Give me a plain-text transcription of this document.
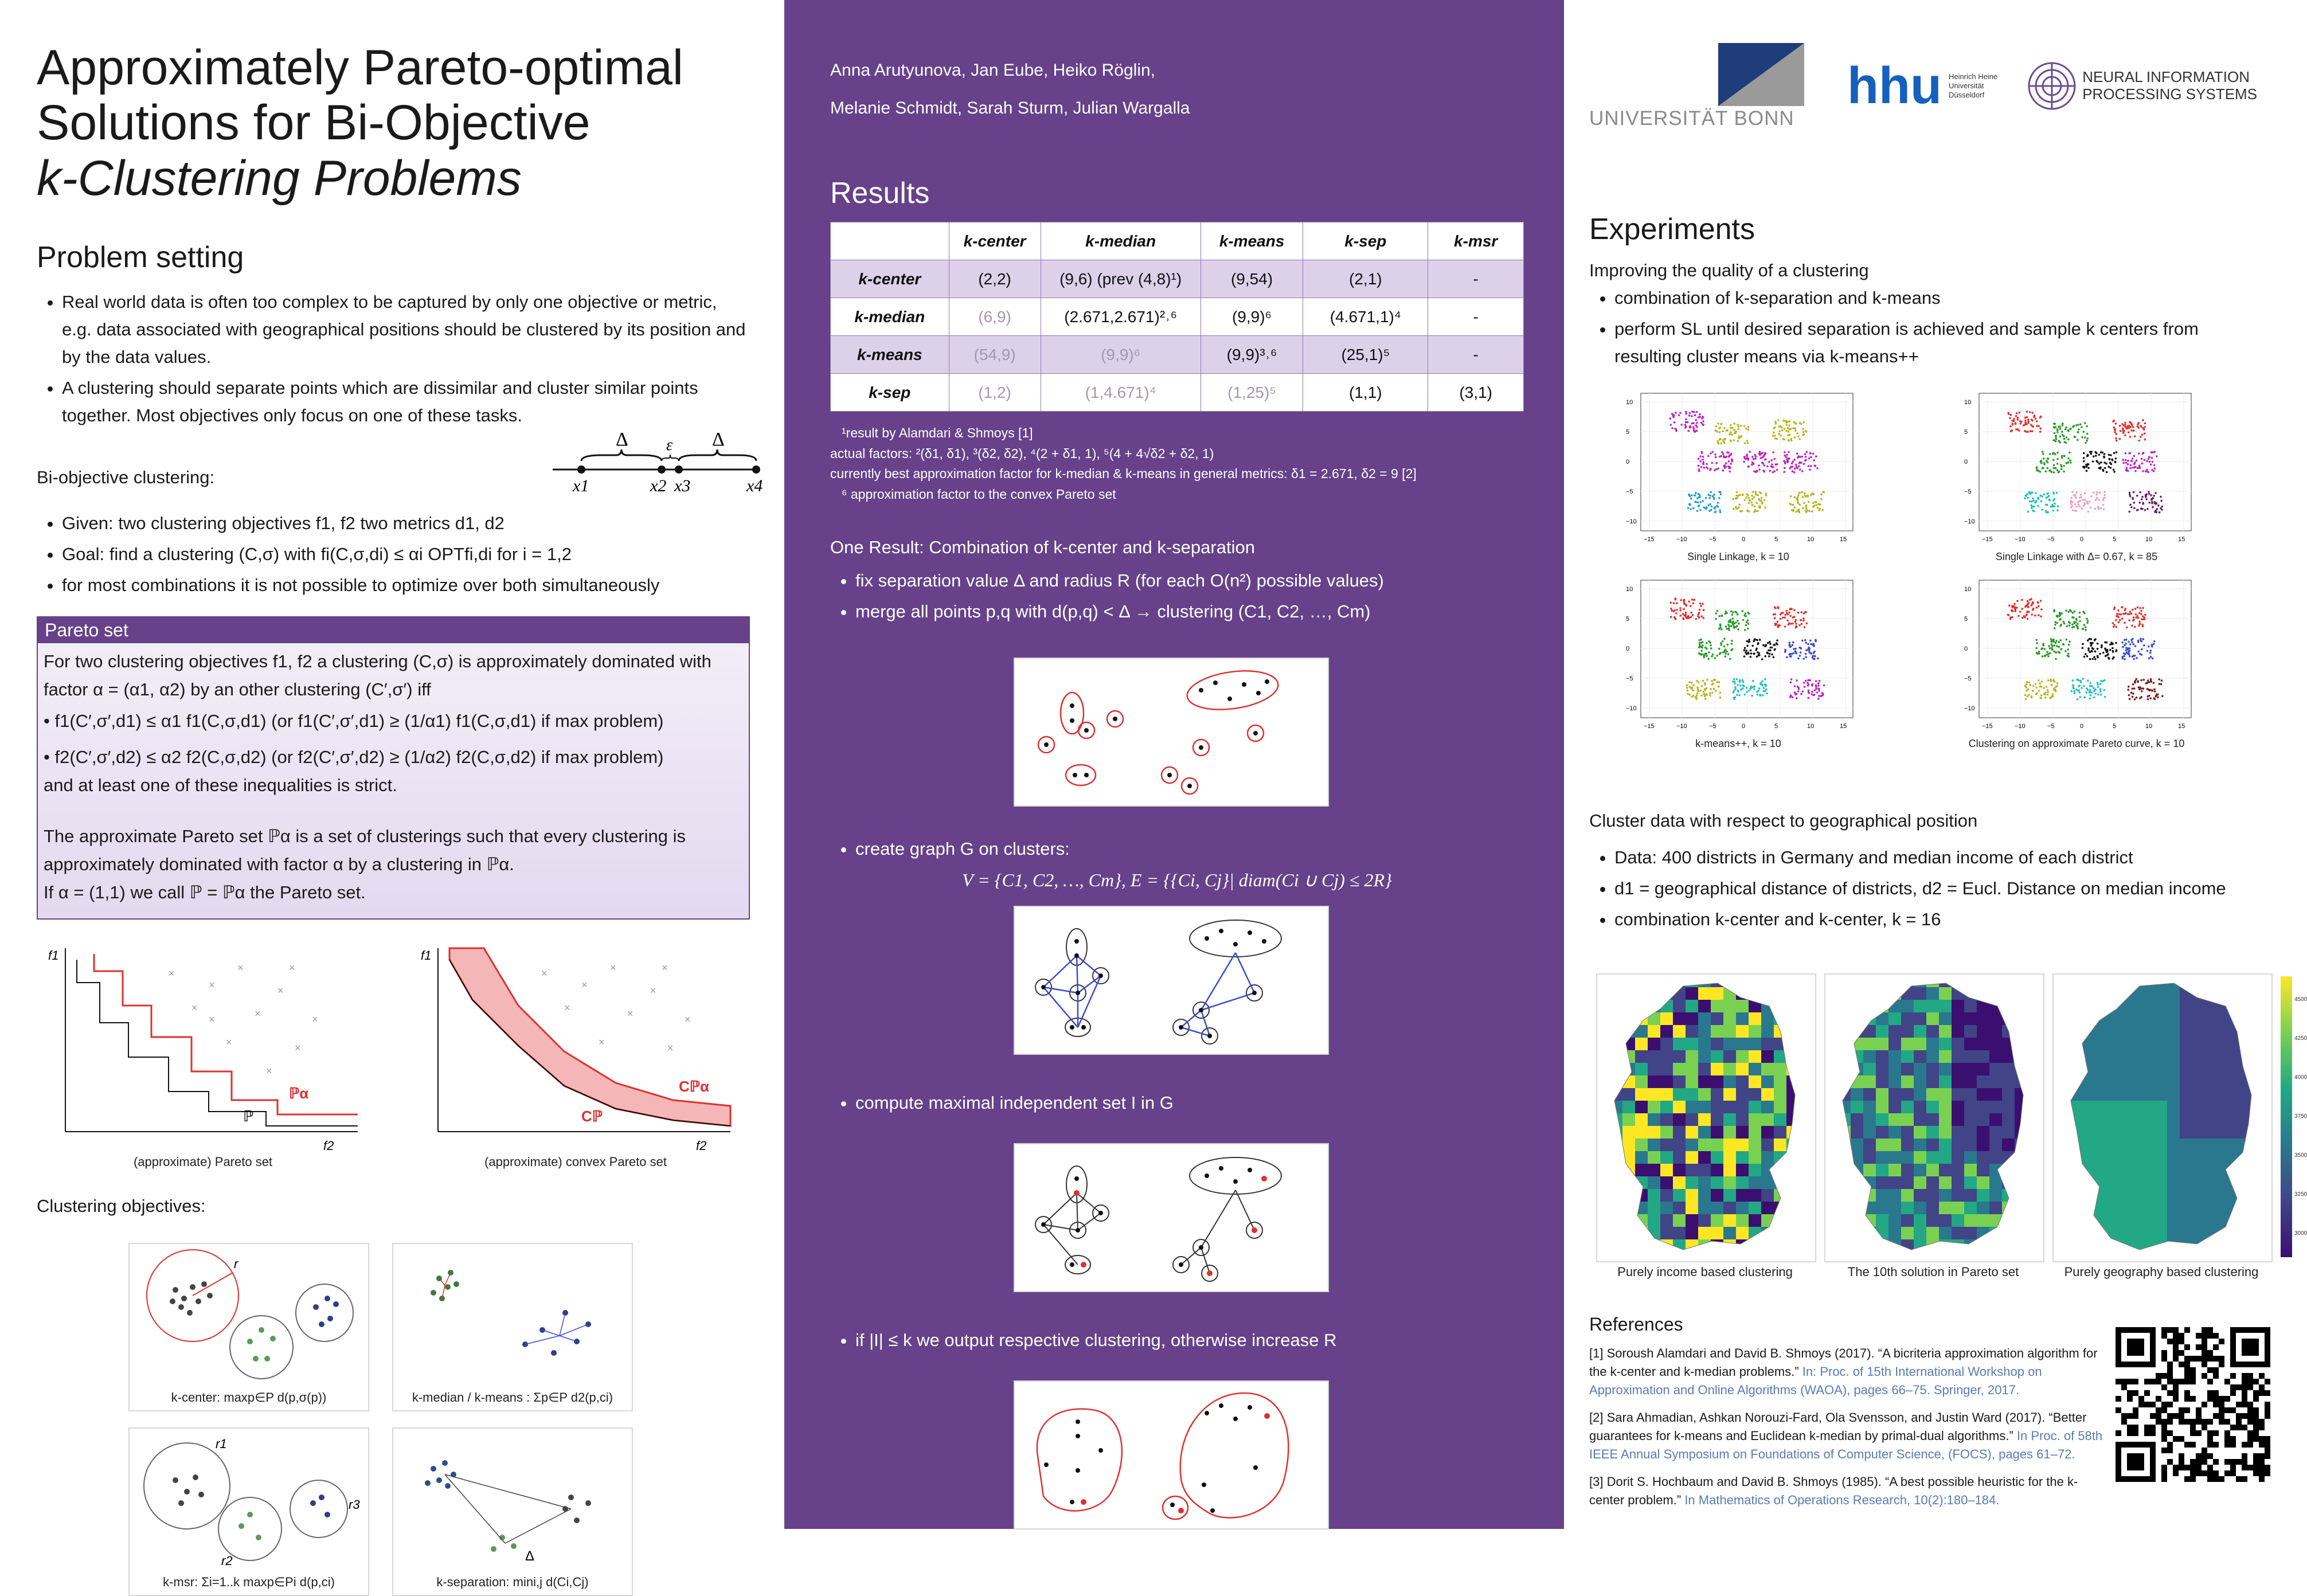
Approximately Pareto-optimal
Solutions for Bi-Objective
k-Clustering Problems
Problem setting
• Real world data is often too complex to be captured by only one objective or metric, e.g. data associated with geographical positions should be clustered by its position and by the data values.
• A clustering should separate points which are dissimilar and cluster similar points together. Most objectives only focus on one of these tasks.

Bi-objective clustering:

Δ	Δ
ε
x1	x2 x3	x4
• Given: two clustering objectives f1, f2 two metrics d1, d2
• Goal: find a clustering (C,σ) with fi(C,σ,di) ≤ αi OPTfi,di for i = 1,2
• for most combinations it is not possible to optimize over both simultaneously
Pareto set
For two clustering objectives f1, f2 a clustering (C,σ) is approximately dominated with factor α = (α1, α2) by an other clustering (C′,σ′) iff
• f1(C′,σ′,d1) ≤ α1 f1(C,σ,d1) (or f1(C′,σ′,d1) ≥ (1/α1) f1(C,σ,d1) if max problem)
• f2(C′,σ′,d2) ≤ α2 f2(C,σ,d2) (or f2(C′,σ′,d2) ≥ (1/α2) f2(C,σ,d2) if max problem)
and at least one of these inequalities is strict.
The approximate Pareto set ℙα is a set of clusterings such that every clustering is approximately dominated with factor α by a clustering in ℙα.
If α = (1,1) we call ℙ = ℙα the Pareto set.
f1
f2
×
×
×
×	×
×
×	×
×
×
×
×
ℙα
ℙ
f1
f2
×
×
×
×	×
×
×	×
×
×
Cℙα
Cℙ
(approximate) Pareto set	(approximate) convex Pareto set

Clustering objectives:

r
k-center: maxp∈P d(p,σ(p))	k-median / k-means : Σp∈P d2(p,ci)
r1
r2
r3
k-msr: Σi=1..k maxp∈Pi d(p,ci)
Δ
k-separation: mini,j d(Ci,Cj)
Anna Arutyunova, Jan Eube, Heiko Röglin,
Melanie Schmidt, Sarah Sturm, Julian Wargalla
Results
	k-center	k-median	k-means	k-sep	k-msr
k-center	(2,2)	(9,6) (prev (4,8)¹)	(9,54)	(2,1)	-
k-median	(6,9)	(2.671,2.671)²˒⁶	(9,9)⁶	(4.671,1)⁴	-
k-means	(54,9)	(9,9)⁶	(9,9)³˒⁶	(25,1)⁵	-
k-sep	(1,2)	(1,4.671)⁴	(1,25)⁵	(1,1)	(3,1)

¹result by Alamdari & Shmoys [1]

actual factors: ²(δ1, δ1), ³(δ2, δ2), ⁴(2 + δ1, 1), ⁵(4 + 4√δ2 + δ2, 1)

currently best approximation factor for k-median & k-means in general metrics: δ1 = 2.671, δ2 = 9 [2]

⁶ approximation factor to the convex Pareto set

One Result: Combination of k-center and k-separation

• fix separation value Δ and radius R (for each O(n²) possible values)
• merge all points p,q with d(p,q) < Δ → clustering (C1, C2, …, Cm)
• create graph G on clusters:

V = {C1, C2, …, Cm}, E = {{Ci, Cj}| diam(Ci ∪ Cj) ≤ 2R}

• compute maximal independent set I in G
• if |I| ≤ k we output respective clustering, otherwise increase R
• Similar to 2-approximation for k-center by Hochbaum&Shmoys [3]
UNIVERSITÄT BONN
hhu Heinrich Heine
Universität
Düsseldorf
NEURAL INFORMATION
PROCESSING SYSTEMS
Experiments

Improving the quality of a clustering

• combination of k-separation and k-means
• perform SL until desired separation is achieved and sample k centers from resulting cluster means via k-means++
−15	−10	−5	0	5	10	15
10
5
0
−5
−10
Single Linkage, k = 10
−15	−10	−5	0	5	10	15
10
5
0
−5
−10
Single Linkage with Δ= 0.67, k = 85
−15	−10	−5	0	5	10	15
10
5
0
−5
−10
k-means++, k = 10
−15	−10	−5	0	5	10	15
10
5
0
−5
−10
Clustering on approximate Pareto curve, k = 10

Cluster data with respect to geographical position

• Data: 400 districts in Germany and median income of each district
• d1 = geographical distance of districts, d2 = Eucl. Distance on median income
• combination k-center and k-center, k = 16
Purely income based clustering	The 10th solution in Pareto set	Purely geography based clustering
4500
4250
4000
3750
3500
3250
3000
References

[1] Soroush Alamdari and David B. Shmoys (2017). “A bicriteria approximation algorithm for the k-center and k-median problems.” In: Proc. of 15th International Workshop on Approximation and Online Algorithms (WAOA), pages 66–75. Springer, 2017.

[2] Sara Ahmadian, Ashkan Norouzi-Fard, Ola Svensson, and Justin Ward (2017). “Better guarantees for k-means and Euclidean k-median by primal-dual algorithms.” In Proc. of 58th IEEE Annual Symposium on Foundations of Computer Science, (FOCS), pages 61–72.

[3] Dorit S. Hochbaum and David B. Shmoys (1985). “A best possible heuristic for the k-center problem.” In Mathematics of Operations Research, 10(2):180–184.
